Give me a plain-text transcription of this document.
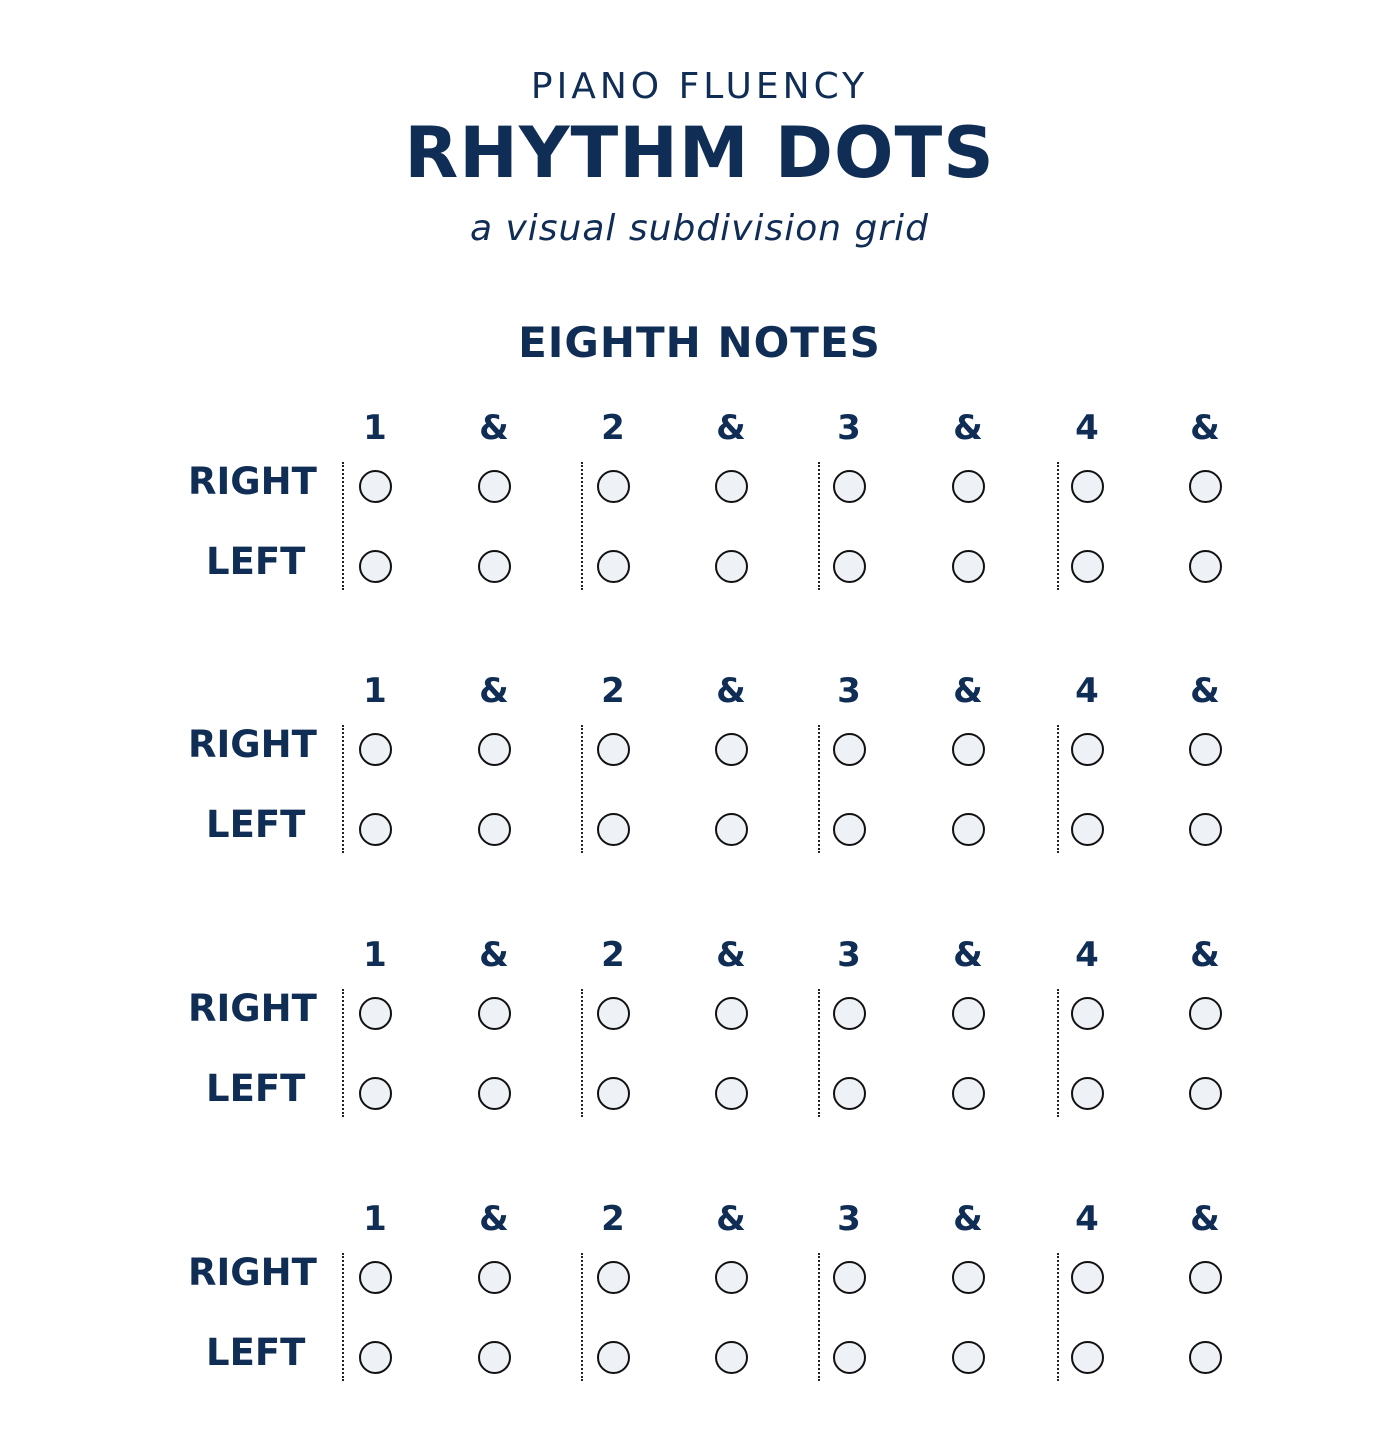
PIANO FLUENCY
RHYTHM DOTS
a visual subdivision grid
EIGHTH NOTES
1	&	2	&	3	&	4	&
RIGHT
LEFT
1	&	2	&	3	&	4	&
RIGHT
LEFT
1	&	2	&	3	&	4	&
RIGHT
LEFT
1	&	2	&	3	&	4	&
RIGHT
LEFT
